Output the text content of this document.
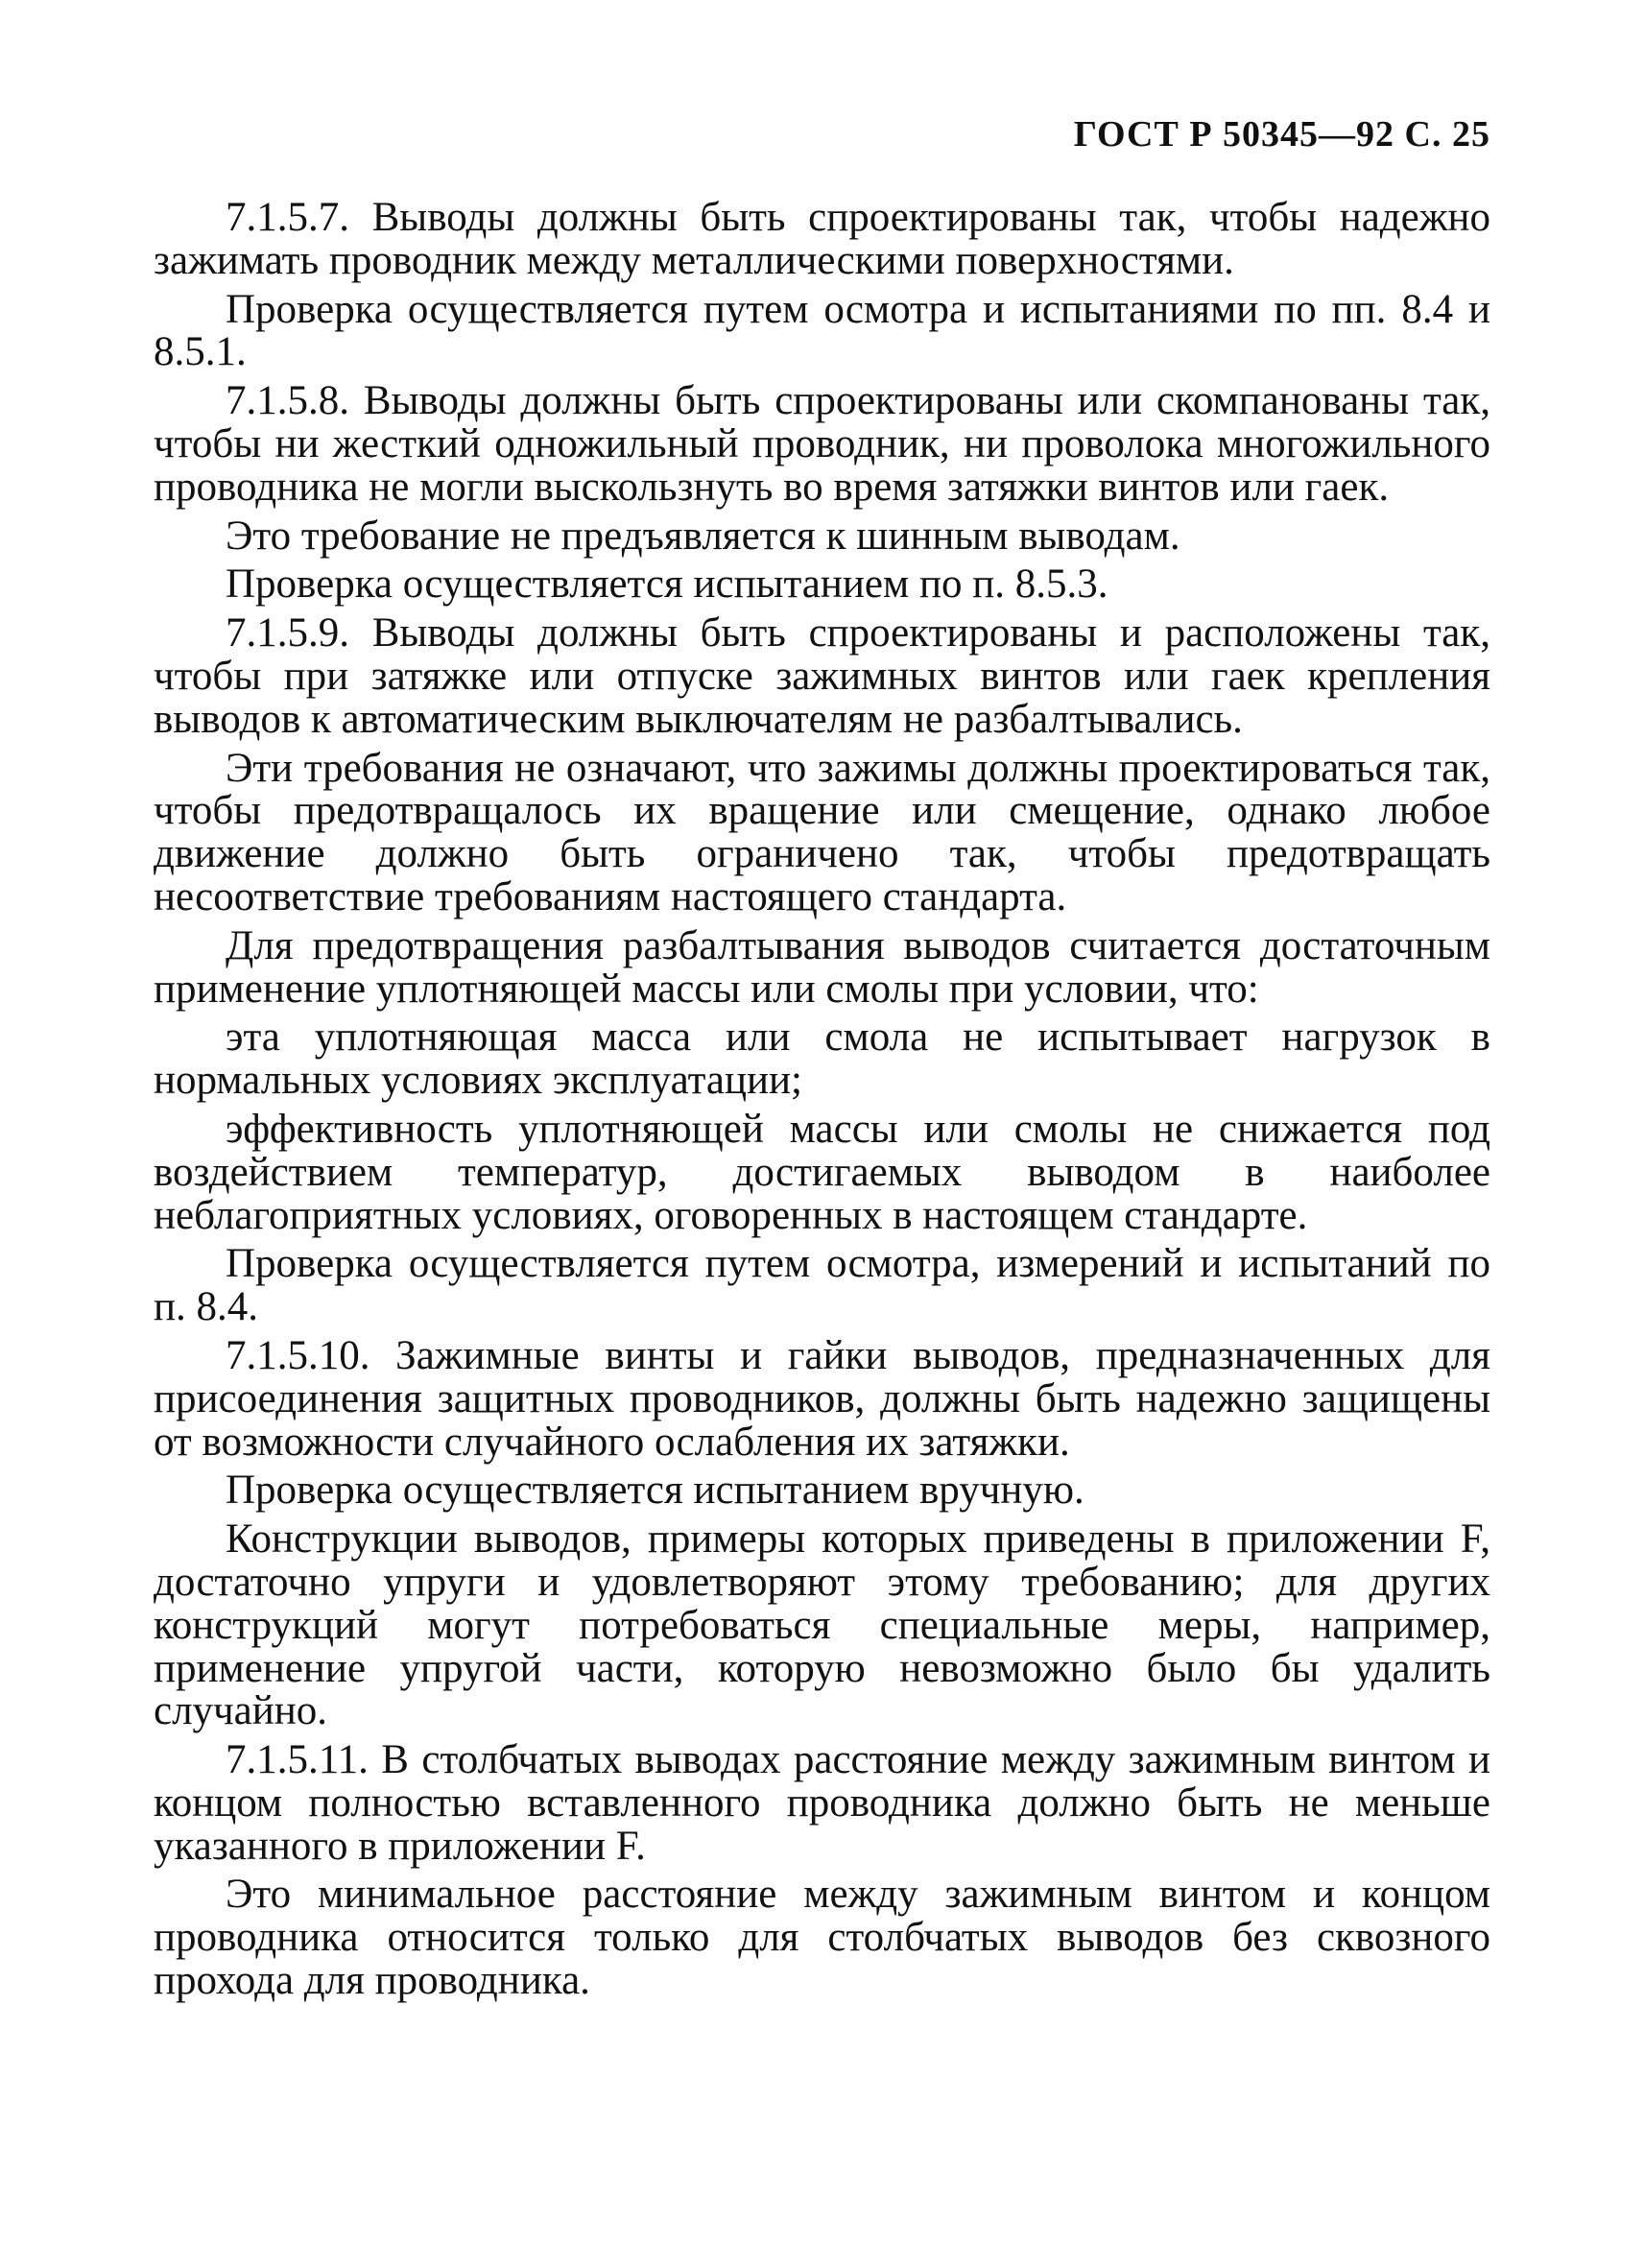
ГОСТ Р 50345—92 С. 25

7.1.5.7. Выводы должны быть спроектированы так, чтобы надежно зажимать проводник между металлическими поверхностями.

Проверка осуществляется путем осмотра и испытаниями по пп. 8.4 и 8.5.1.

7.1.5.8. Выводы должны быть спроектированы или скомпанованы так, чтобы ни жесткий одножильный проводник, ни проволока многожильного проводника не могли выскользнуть во время затяжки винтов или гаек.

Это требование не предъявляется к шинным выводам.

Проверка осуществляется испытанием по п. 8.5.3.

7.1.5.9. Выводы должны быть спроектированы и расположены так, чтобы при затяжке или отпуске зажимных винтов или гаек крепления выводов к автоматическим выключателям не разбалтывались.

Эти требования не означают, что зажимы должны проектироваться так, чтобы предотвращалось их вращение или смещение, однако любое движение должно быть ограничено так, чтобы предотвращать несоответствие требованиям настоящего стандарта.

Для предотвращения разбалтывания выводов считается достаточным применение уплотняющей массы или смолы при условии, что:

эта уплотняющая масса или смола не испытывает нагрузок в нормальных условиях эксплуатации;

эффективность уплотняющей массы или смолы не снижается под воздействием температур, достигаемых выводом в наиболее неблагоприятных условиях, оговоренных в настоящем стандарте.

Проверка осуществляется путем осмотра, измерений и испытаний по п. 8.4.

7.1.5.10. Зажимные винты и гайки выводов, предназначенных для присоединения защитных проводников, должны быть надежно защищены от возможности случайного ослабления их затяжки.

Проверка осуществляется испытанием вручную.

Конструкции выводов, примеры которых приведены в приложении F, достаточно упруги и удовлетворяют этому требованию; для других конструкций могут потребоваться специальные меры, например, применение упругой части, которую невозможно было бы удалить случайно.

7.1.5.11. В столбчатых выводах расстояние между зажимным винтом и концом полностью вставленного проводника должно быть не меньше указанного в приложении F.

Это минимальное расстояние между зажимным винтом и концом проводника относится только для столбчатых выводов без сквозного прохода для проводника.
